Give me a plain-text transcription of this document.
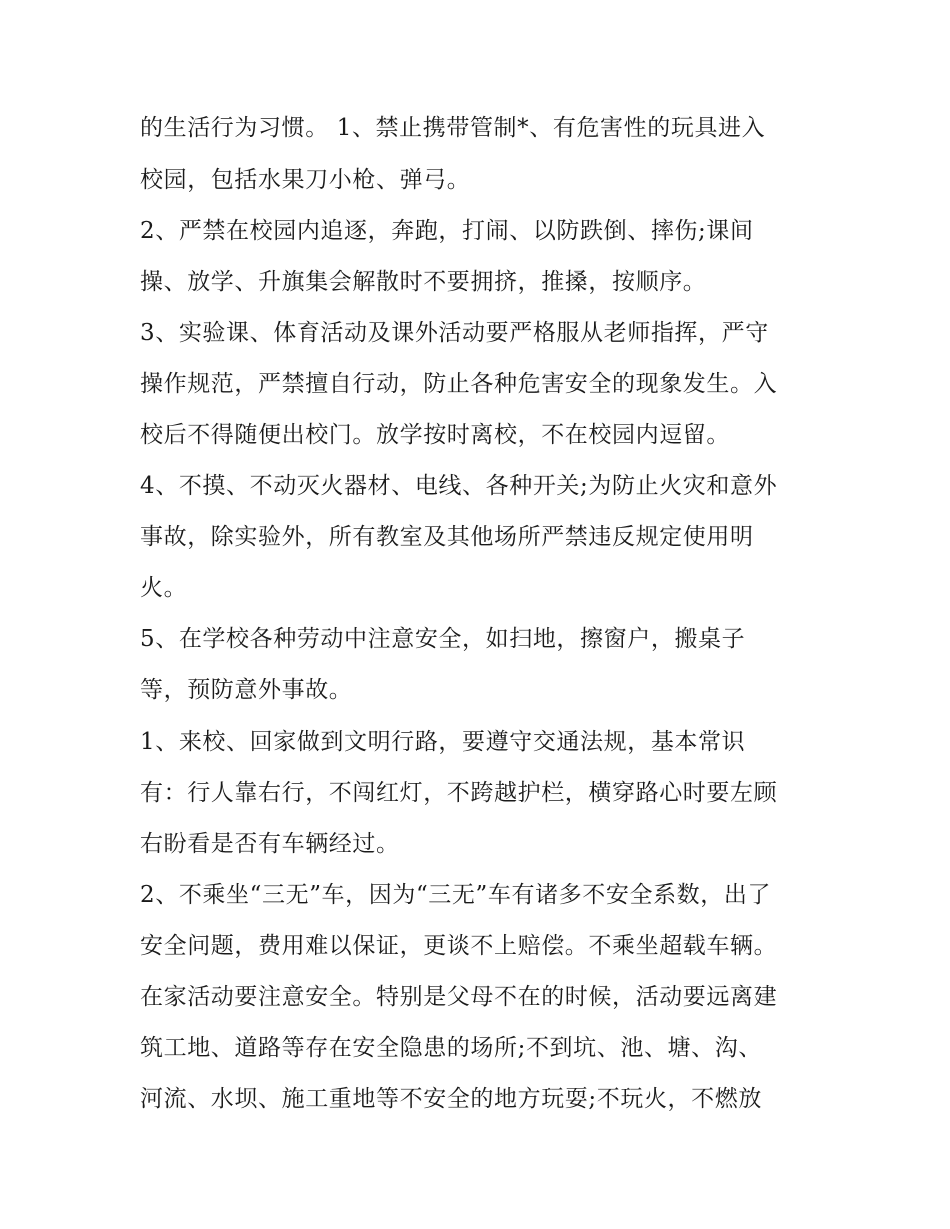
的生活行为习惯。 1、禁止携带管制*、有危害性的玩具进入
校园，包括水果刀小枪、弹弓。
2、严禁在校园内追逐，奔跑，打闹、以防跌倒、摔伤;课间
操、放学、升旗集会解散时不要拥挤，推搡，按顺序。
3、实验课、体育活动及课外活动要严格服从老师指挥，严守
操作规范，严禁擅自行动，防止各种危害安全的现象发生。入
校后不得随便出校门。放学按时离校，不在校园内逗留。
4、不摸、不动灭火器材、电线、各种开关;为防止火灾和意外
事故，除实验外，所有教室及其他场所严禁违反规定使用明
火。
5、在学校各种劳动中注意安全，如扫地，擦窗户，搬桌子
等，预防意外事故。
1、来校、回家做到文明行路，要遵守交通法规，基本常识
有：行人靠右行，不闯红灯，不跨越护栏，横穿路心时要左顾
右盼看是否有车辆经过。
2、不乘坐“三无”车，因为“三无”车有诸多不安全系数，出了
安全问题，费用难以保证，更谈不上赔偿。不乘坐超载车辆。
在家活动要注意安全。特别是父母不在的时候，活动要远离建
筑工地、道路等存在安全隐患的场所;不到坑、池、塘、沟、
河流、水坝、施工重地等不安全的地方玩耍;不玩火，不燃放
